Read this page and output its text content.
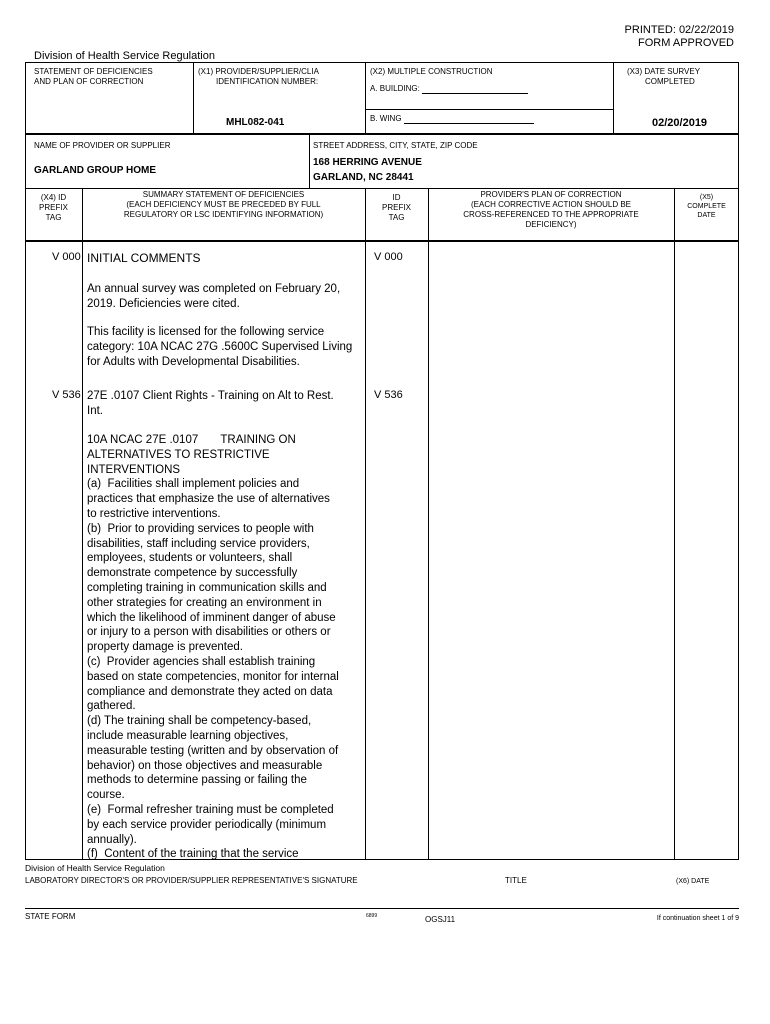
PRINTED: 02/22/2019
FORM APPROVED
Division of Health Service Regulation
STATEMENT OF DEFICIENCIES
AND PLAN OF CORRECTION
(X1) PROVIDER/SUPPLIER/CLIA
IDENTIFICATION NUMBER:
MHL082-041
(X2) MULTIPLE CONSTRUCTION
A. BUILDING:
B. WING
(X3) DATE SURVEY
COMPLETED
02/20/2019
NAME OF PROVIDER OR SUPPLIER
GARLAND GROUP HOME
STREET ADDRESS, CITY, STATE, ZIP CODE
168 HERRING AVENUE
GARLAND, NC 28441
(X4) ID
PREFIX
TAG
SUMMARY STATEMENT OF DEFICIENCIES
(EACH DEFICIENCY MUST BE PRECEDED BY FULL
REGULATORY OR LSC IDENTIFYING INFORMATION)
ID
PREFIX
TAG
PROVIDER'S PLAN OF CORRECTION
(EACH CORRECTIVE ACTION SHOULD BE
CROSS-REFERENCED TO THE APPROPRIATE
DEFICIENCY)
(X5)
COMPLETE
DATE
V 000	V 000
INITIAL COMMENTS
An annual survey was completed on February 20, 2019. Deficiencies were cited.
This facility is licensed for the following service category: 10A NCAC 27G .5600C Supervised Living for Adults with Developmental Disabilities.
V 536	V 536
27E .0107 Client Rights - Training on Alt to Rest. Int.
10A NCAC 27E .0107       TRAINING ON
ALTERNATIVES TO RESTRICTIVE
INTERVENTIONS
(a)  Facilities shall implement policies and
practices that emphasize the use of alternatives
to restrictive interventions.
(b)  Prior to providing services to people with
disabilities, staff including service providers,
employees, students or volunteers, shall
demonstrate competence by successfully
completing training in communication skills and
other strategies for creating an environment in
which the likelihood of imminent danger of abuse
or injury to a person with disabilities or others or
property damage is prevented.
(c)  Provider agencies shall establish training
based on state competencies, monitor for internal
compliance and demonstrate they acted on data
gathered.
(d) The training shall be competency-based,
include measurable learning objectives,
measurable testing (written and by observation of
behavior) on those objectives and measurable
methods to determine passing or failing the
course.
(e)  Formal refresher training must be completed
by each service provider periodically (minimum
annually).
(f)  Content of the training that the service
Division of Health Service Regulation
LABORATORY DIRECTOR'S OR PROVIDER/SUPPLIER REPRESENTATIVE'S SIGNATURE	TITLE	(X6) DATE
STATE FORM	6899	OGSJ11	If continuation sheet 1 of 9
